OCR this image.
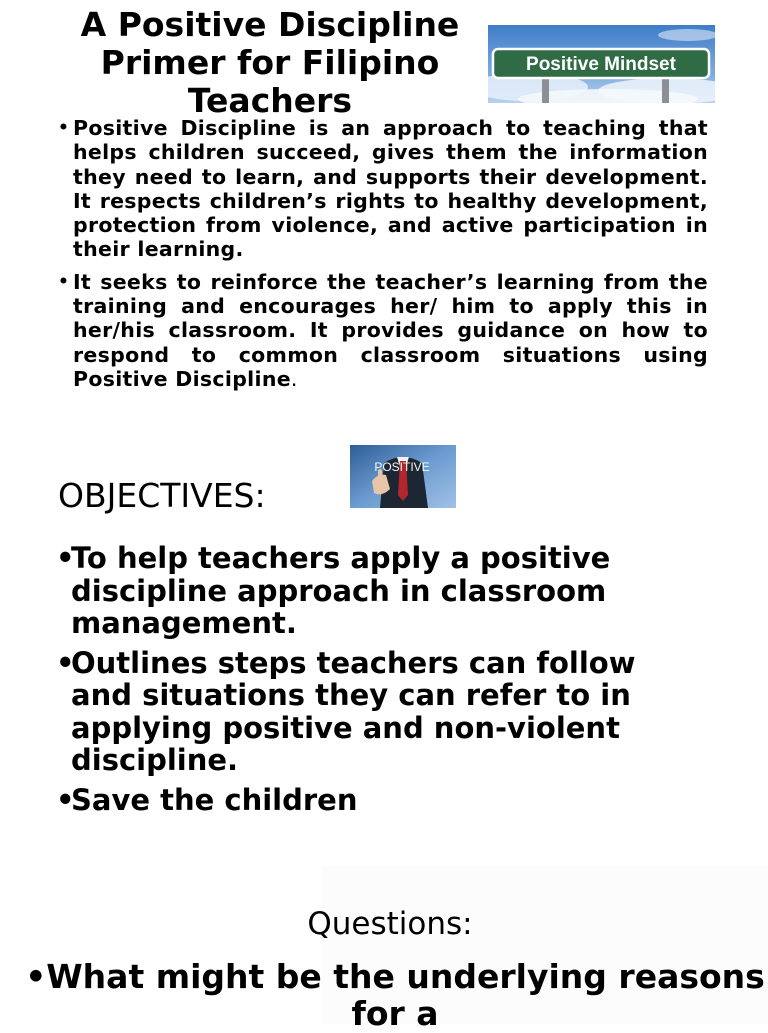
A Positive Discipline Primer for Filipino Teachers
Positive Mindset
• Positive Discipline is an approach to teaching that helps children succeed, gives them the information they need to learn, and supports their development. It respects children’s rights to healthy development, protection from violence, and active participation in their learning.
• It seeks to reinforce the teacher’s learning from the training and encourages her/ him to apply this in her/his classroom. It provides guidance on how to respond to common classroom situations using Positive Discipline.
POSITIVE
OBJECTIVES:
•
To help teachers apply a positive discipline approach in classroom management.
•
Outlines steps teachers can follow and situations they can refer to in applying positive and non-violent discipline.
•
Save the children
Questions:

•What might be the underlying reasons for a
